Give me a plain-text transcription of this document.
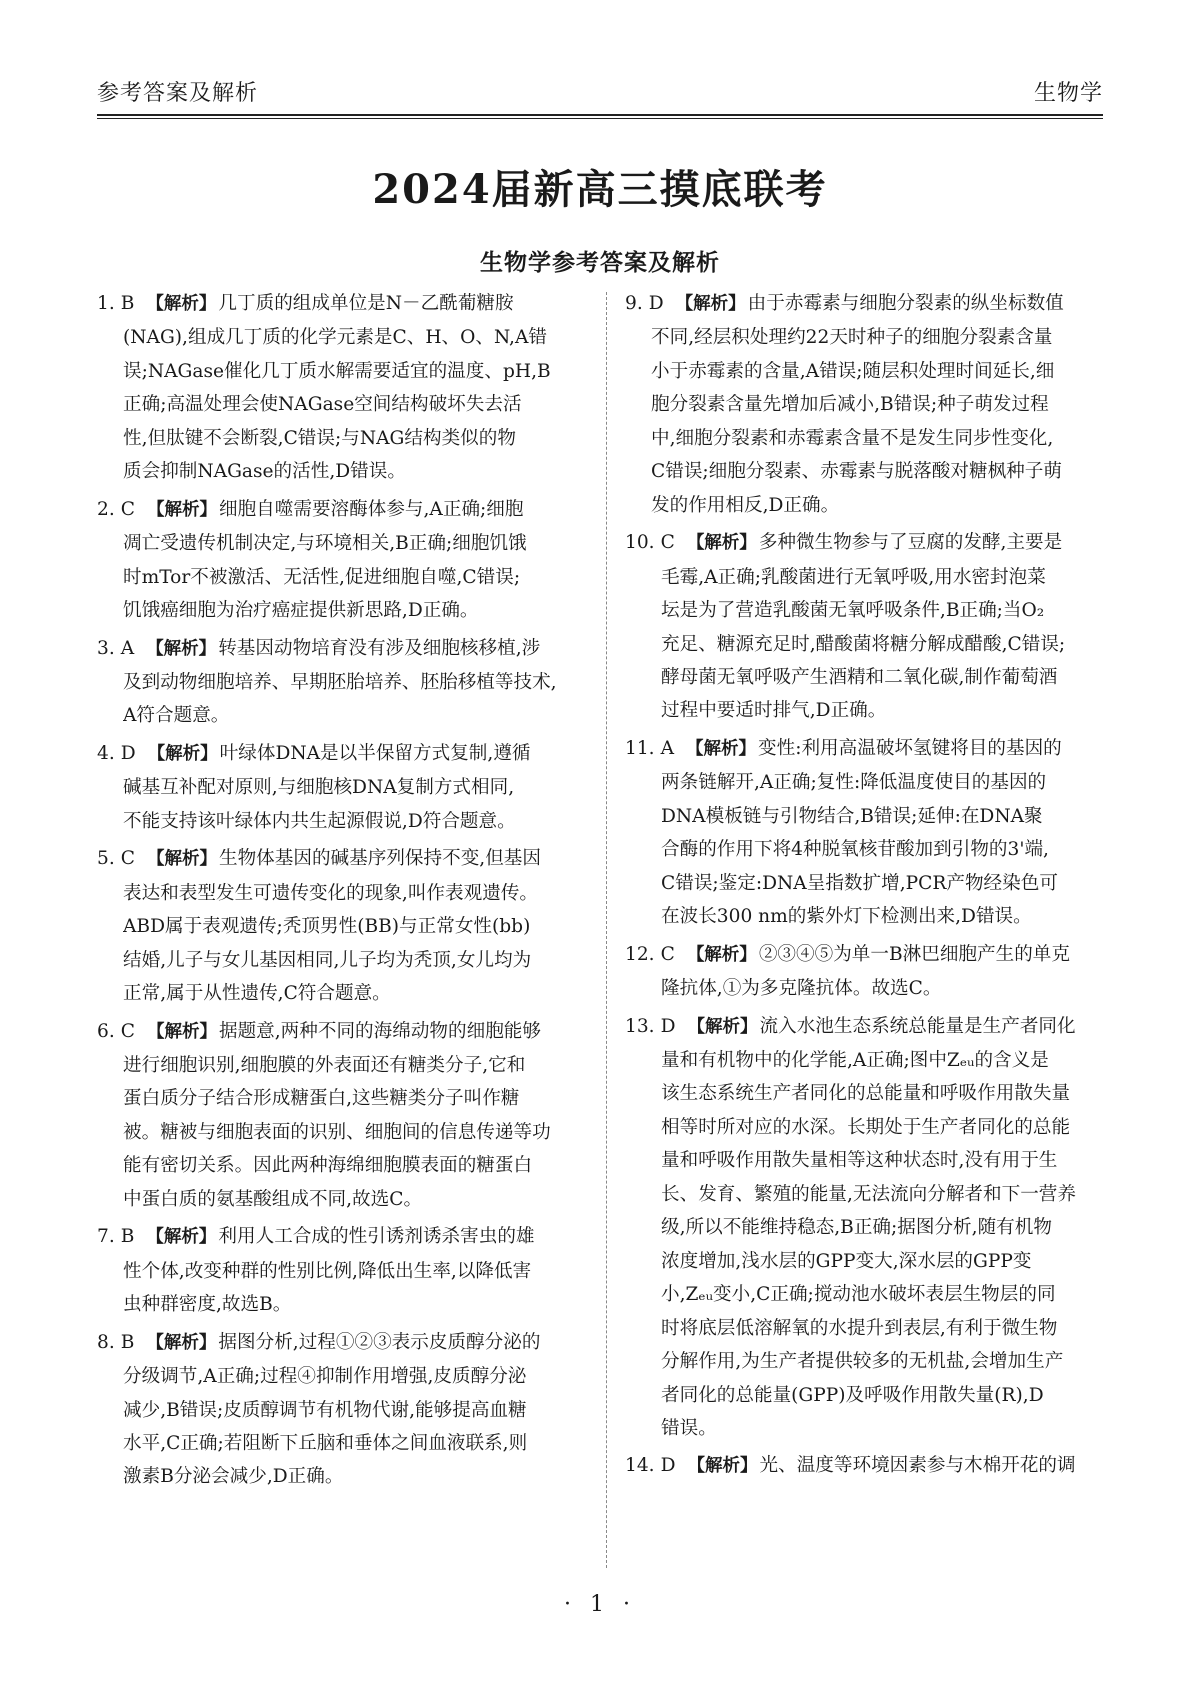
参考答案及解析	生物学
2024届新高三摸底联考
生物学参考答案及解析
1. B 【解析】 几丁质的组成单位是N－乙酰葡糖胺
(NAG),组成几丁质的化学元素是C、H、O、N,A错
误;NAGase催化几丁质水解需要适宜的温度、pH,B
正确;高温处理会使NAGase空间结构破坏失去活
性,但肽键不会断裂,C错误;与NAG结构类似的物
质会抑制NAGase的活性,D错误。
2. C 【解析】 细胞自噬需要溶酶体参与,A正确;细胞
凋亡受遗传机制决定,与环境相关,B正确;细胞饥饿
时mTor不被激活、无活性,促进细胞自噬,C错误;
饥饿癌细胞为治疗癌症提供新思路,D正确。
3. A 【解析】 转基因动物培育没有涉及细胞核移植,涉
及到动物细胞培养、早期胚胎培养、胚胎移植等技术,
A符合题意。
4. D 【解析】 叶绿体DNA是以半保留方式复制,遵循
碱基互补配对原则,与细胞核DNA复制方式相同,
不能支持该叶绿体内共生起源假说,D符合题意。
5. C 【解析】 生物体基因的碱基序列保持不变,但基因
表达和表型发生可遗传变化的现象,叫作表观遗传。
ABD属于表观遗传;秃顶男性(BB)与正常女性(bb)
结婚,儿子与女儿基因相同,儿子均为秃顶,女儿均为
正常,属于从性遗传,C符合题意。
6. C 【解析】 据题意,两种不同的海绵动物的细胞能够
进行细胞识别,细胞膜的外表面还有糖类分子,它和
蛋白质分子结合形成糖蛋白,这些糖类分子叫作糖
被。糖被与细胞表面的识别、细胞间的信息传递等功
能有密切关系。因此两种海绵细胞膜表面的糖蛋白
中蛋白质的氨基酸组成不同,故选C。
7. B 【解析】 利用人工合成的性引诱剂诱杀害虫的雄
性个体,改变种群的性别比例,降低出生率,以降低害
虫种群密度,故选B。
8. B 【解析】 据图分析,过程①②③表示皮质醇分泌的
分级调节,A正确;过程④抑制作用增强,皮质醇分泌
减少,B错误;皮质醇调节有机物代谢,能够提高血糖
水平,C正确;若阻断下丘脑和垂体之间血液联系,则
激素B分泌会减少,D正确。
9. D 【解析】 由于赤霉素与细胞分裂素的纵坐标数值
不同,经层积处理约22天时种子的细胞分裂素含量
小于赤霉素的含量,A错误;随层积处理时间延长,细
胞分裂素含量先增加后减小,B错误;种子萌发过程
中,细胞分裂素和赤霉素含量不是发生同步性变化,
C错误;细胞分裂素、赤霉素与脱落酸对糖枫种子萌
发的作用相反,D正确。
10. C 【解析】 多种微生物参与了豆腐的发酵,主要是
毛霉,A正确;乳酸菌进行无氧呼吸,用水密封泡菜
坛是为了营造乳酸菌无氧呼吸条件,B正确;当O₂
充足、糖源充足时,醋酸菌将糖分解成醋酸,C错误;
酵母菌无氧呼吸产生酒精和二氧化碳,制作葡萄酒
过程中要适时排气,D正确。
11. A 【解析】 变性:利用高温破坏氢键将目的基因的
两条链解开,A正确;复性:降低温度使目的基因的
DNA模板链与引物结合,B错误;延伸:在DNA聚
合酶的作用下将4种脱氧核苷酸加到引物的3'端,
C错误;鉴定:DNA呈指数扩增,PCR产物经染色可
在波长300 nm的紫外灯下检测出来,D错误。
12. C 【解析】 ②③④⑤为单一B淋巴细胞产生的单克
隆抗体,①为多克隆抗体。故选C。
13. D 【解析】 流入水池生态系统总能量是生产者同化
量和有机物中的化学能,A正确;图中Zₑᵤ的含义是
该生态系统生产者同化的总能量和呼吸作用散失量
相等时所对应的水深。长期处于生产者同化的总能
量和呼吸作用散失量相等这种状态时,没有用于生
长、发育、繁殖的能量,无法流向分解者和下一营养
级,所以不能维持稳态,B正确;据图分析,随有机物
浓度增加,浅水层的GPP变大,深水层的GPP变
小,Zₑᵤ变小,C正确;搅动池水破坏表层生物层的同
时将底层低溶解氧的水提升到表层,有利于微生物
分解作用,为生产者提供较多的无机盐,会增加生产
者同化的总能量(GPP)及呼吸作用散失量(R),D
错误。
14. D 【解析】 光、温度等环境因素参与木棉开花的调
· 1 ·
